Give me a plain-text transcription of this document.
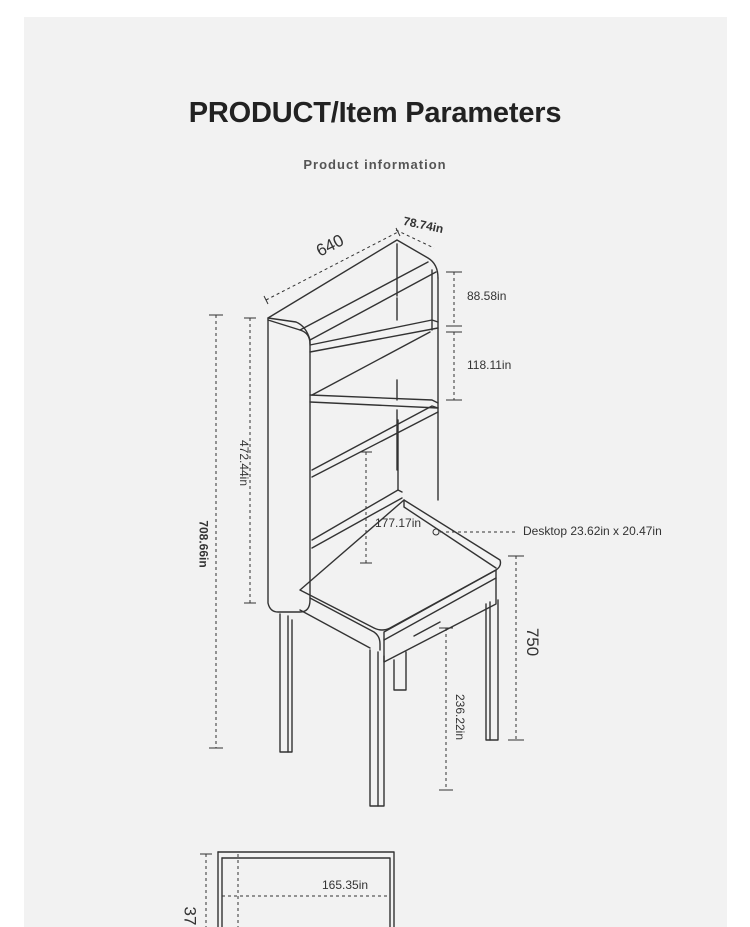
PRODUCT/Item Parameters
Product information
640
78.74in
88.58in
118.11in
472.44in
708.66in	177.17in
Desktop 23.62in x 20.47in
750
236.22in
165.35in
37
